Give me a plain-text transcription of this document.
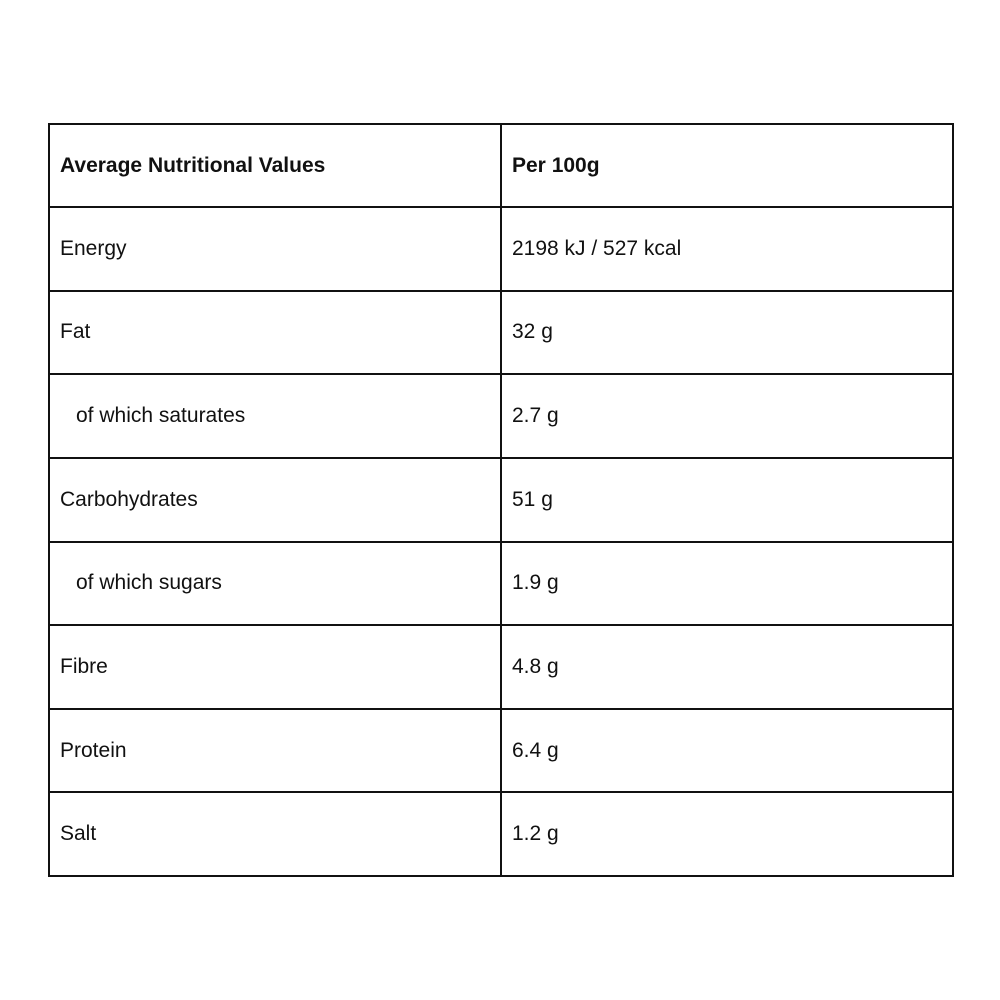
Average Nutritional Values	Per 100g
Energy	2198 kJ / 527 kcal
Fat	32 g
of which saturates	2.7 g
Carbohydrates	51 g
of which sugars	1.9 g
Fibre	4.8 g
Protein	6.4 g
Salt	1.2 g
